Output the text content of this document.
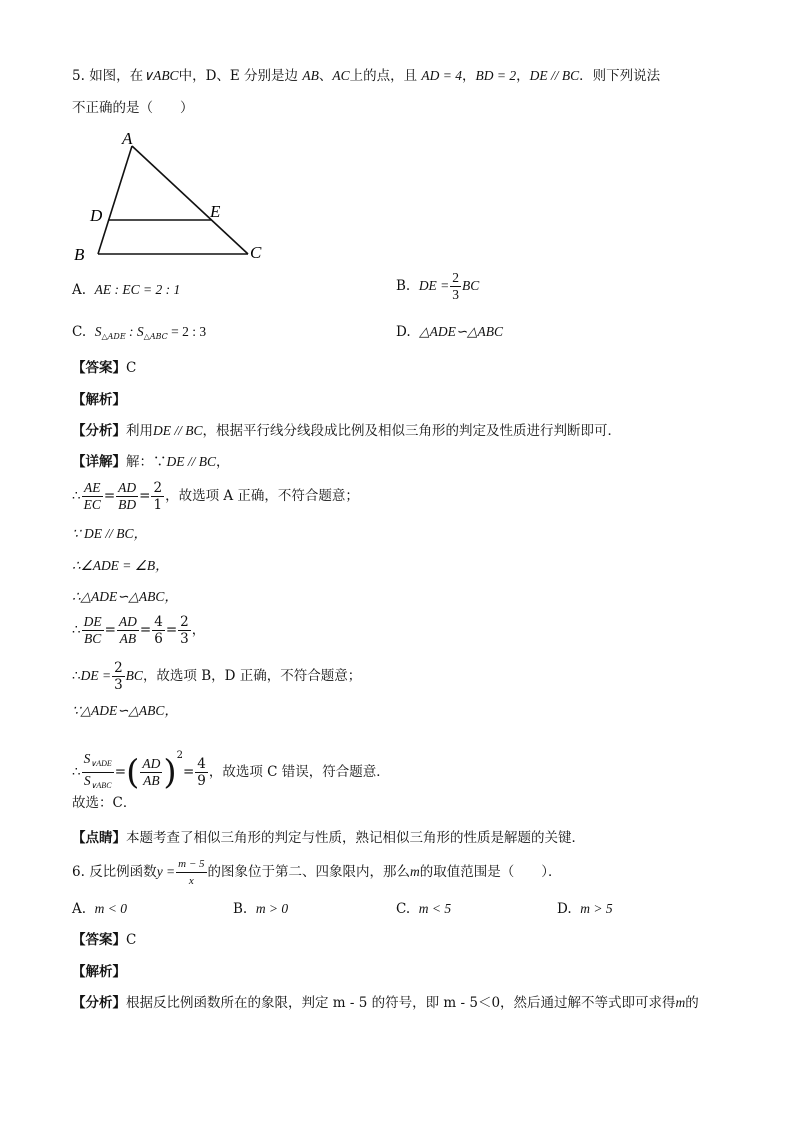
5. 如图，在∨ABC中，D、E 分别是边 AB、AC上的点，且 AD = 4，BD = 2，DE // BC．则下列说法
不正确的是（　　）
A
D	E
B	C
A. AE : EC = 2 : 1	B. DE = $\frac{2}{3}$ BC
C. $S_{\triangle ADE}$ : $S_{\triangle ABC} = 2$ : 3	D. △ADE∽△ABC
【答案】C
【解析】
【分析】利用DE // BC，根据平行线分线段成比例及相似三角形的判定及性质进行判断即可．
【详解】解：∵DE // BC，
∴ $\frac{AE}{EC} = \frac{AD}{BD} = \frac{2}{1}$ ，故选项 A 正确，不符合题意；
∵ DE // BC，
∴∠ADE = ∠B，
∴△ADE∽△ABC，
∴ $\frac{DE}{BC} = \frac{AD}{AB} = \frac{4}{6} = \frac{2}{3}$ ，
∴DE = $\frac{2}{3}$ BC，故选项 B，D 正确，不符合题意；
∵△ADE∽△ABC，
∴ $\frac{S_{\vee ADE}}{S_{\vee ABC}}$ =( $\frac{AD}{AB} )^2= \frac{4}{9}$ ，故选项 C 错误，符合题意．
故选：C．
【点睛】本题考查了相似三角形的判定与性质，熟记相似三角形的性质是解题的关键．
6. 反比例函数$y = \frac{m - 5}{x}$ 的图象位于第二、四象限内，那么m的取值范围是（　　）．
A. m < 0	B. m > 0	C. m < 5	D. m > 5
【答案】C
【解析】
【分析】根据反比例函数所在的象限，判定 m - 5 的符号，即 m - 5＜0，然后通过解不等式即可求得m的
